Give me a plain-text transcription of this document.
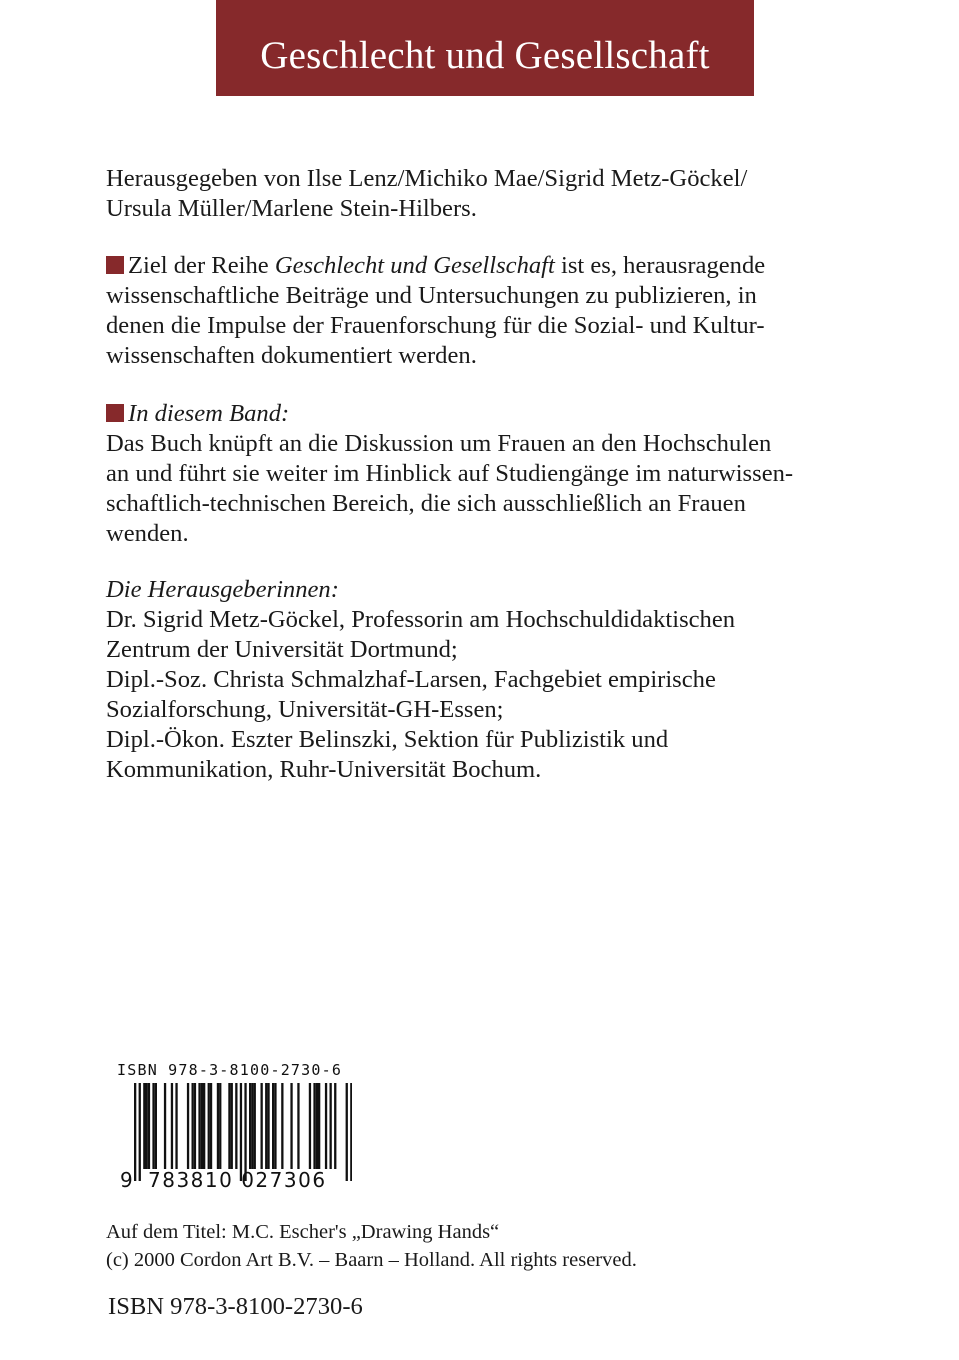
Geschlecht und Gesellschaft
Herausgegeben von Ilse Lenz/Michiko Mae/Sigrid Metz-Göckel/
Ursula Müller/Marlene Stein-Hilbers.
Ziel der Reihe Geschlecht und Gesellschaft ist es, herausragende
wissenschaftliche Beiträge und Untersuchungen zu publizieren, in
denen die Impulse der Frauenforschung für die Sozial- und Kultur-
wissenschaften dokumentiert werden.
In diesem Band:
Das Buch knüpft an die Diskussion um Frauen an den Hochschulen
an und führt sie weiter im Hinblick auf Studiengänge im naturwissen-
schaftlich-technischen Bereich, die sich ausschließlich an Frauen
wenden.
Die Herausgeberinnen:
Dr. Sigrid Metz-Göckel, Professorin am Hochschuldidaktischen
Zentrum der Universität Dortmund;
Dipl.-Soz. Christa Schmalzhaf-Larsen, Fachgebiet empirische
Sozialforschung, Universität-GH-Essen;
Dipl.-Ökon. Eszter Belinszki, Sektion für Publizistik und
Kommunikation, Ruhr-Universität Bochum.
ISBN 978-3-8100-2730-6
9 783810 027306
Auf dem Titel: M.C. Escher's „Drawing Hands“
(c) 2000 Cordon Art B.V. – Baarn – Holland. All rights reserved.
ISBN 978-3-8100-2730-6
